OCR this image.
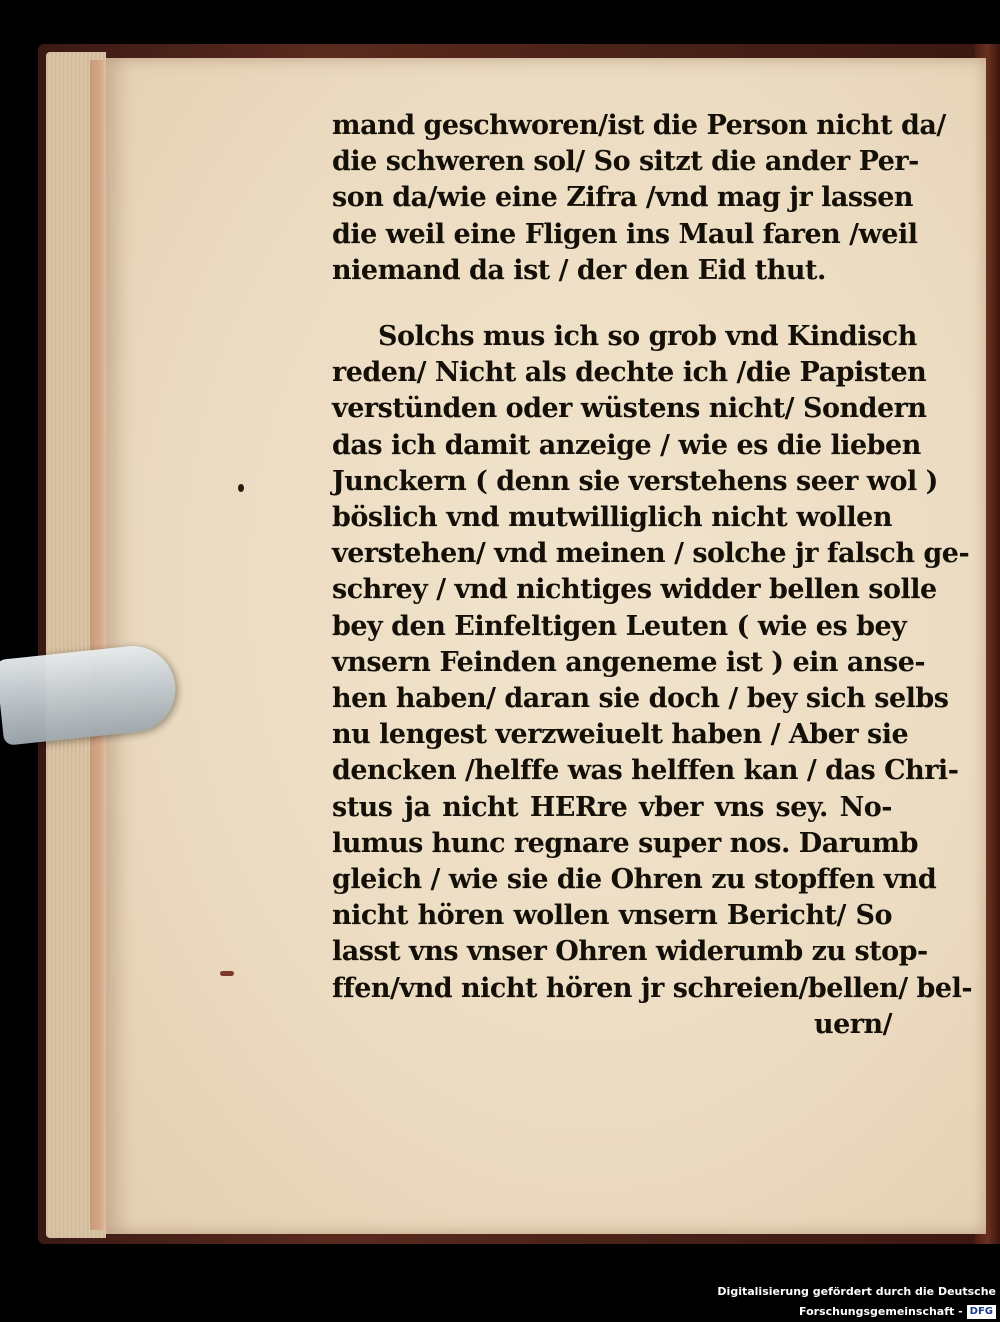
mand geschworen/ist die Person nicht da/
die schweren sol/ So sitzt die ander Per-
son da/wie eine Zifra /vnd mag jr lassen
die weil eine Fligen ins Maul faren /weil
niemand da ist / der den Eid thut.
Solchs mus ich so grob vnd Kindisch
reden/ Nicht als dechte ich /die Papisten
verstünden oder wüstens nicht/ Sondern
das ich damit anzeige / wie es die lieben
Junckern ( denn sie verstehens seer wol )
böslich vnd mutwilliglich nicht wollen
verstehen/ vnd meinen / solche jr falsch ge-
schrey / vnd nichtiges widder bellen solle
bey den Einfeltigen Leuten ( wie es bey
vnsern Feinden angeneme ist ) ein anse-
hen haben/ daran sie doch / bey sich selbs
nu lengest verzweiuelt haben / Aber sie
dencken /helffe was helffen kan / das Chri-
stus ja nicht HERre vber vns sey. No-
lumus hunc regnare super nos. Darumb
gleich / wie sie die Ohren zu stopffen vnd
nicht hören wollen vnsern Bericht/ So
lasst vns vnser Ohren widerumb zu stop-
ffen/vnd nicht hören jr schreien/bellen/ bel-
uern/
Digitalisierung gefördert durch die Deutsche Forschungsgemeinschaft - DFG
